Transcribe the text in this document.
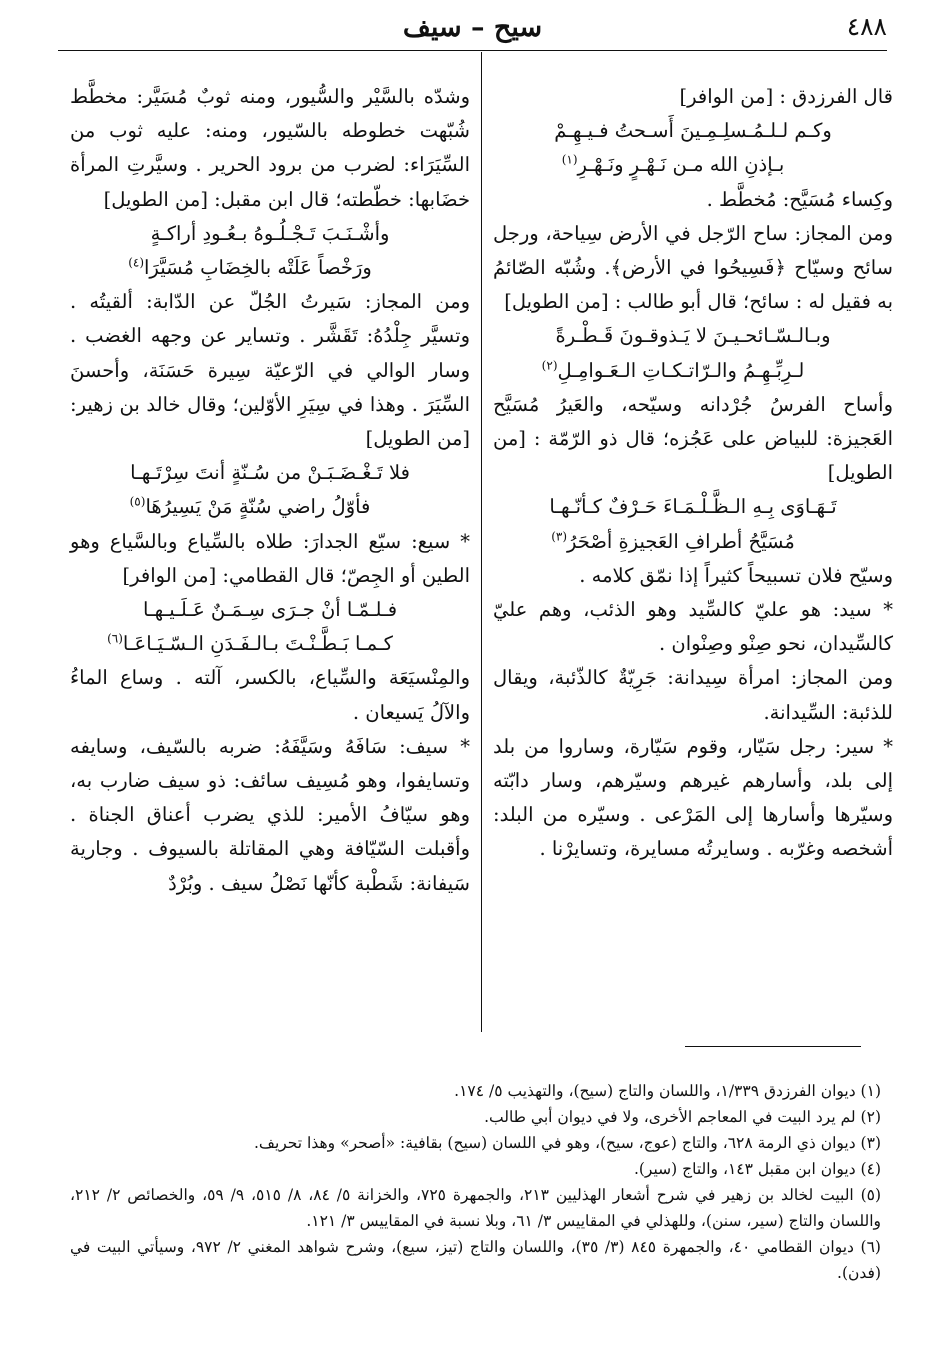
٤٨٨
سيح – سيف

قال الفرزدق : [من الوافر]

وكـم لـلـمُـسلِـمِـينَ أَسـحتُ فـيـهِـمْ

بـإذنِ الله مـن نَـهْـرٍ ونَـهْـرِ$^{(١)}$

وكِساء مُسَيَّح: مُخطَّط .

ومن المجاز: ساح الرّجل في الأرض سِياحة، ورجل سائح وسيّاح ﴿فَسِيحُوا في الأرض﴾. وشُبّه الصّائمُ به فقيل له : سائح؛ قال أبو طالب : [من الطويل]

وبـالـسّـائحـيـنَ لا يَـذوقـونَ قَـطْـرةً

لـرِبِّـهِـمُ والـرّاتـكـاتِ الـعَـوامِـلِ$^{(٢)}$

وأساح الفرسُ جُرْدانه وسيّحه، والعَيرُ مُسَيَّح العَجيزة: للبياض على عَجُزه؛ قال ذو الرّمّة : [من الطويل]

تَـهَـاوَى بِـهِ الـظَّـلْـمَـاءَ حَـرْفٌ كـأنّـهـا

مُسَيَّحُ أطرافِ العَجيزةِ أصْحَرُ$^{(٣)}$

وسيّح فلان تسبيحاً كثيراً إذا نمّق كلامه .

* سيد: هو عليّ كالسِّيد وهو الذئب، وهم عليّ كالسِّيدان، نحو صِنْو وصِنْوان .

ومن المجاز: امرأة سِيدانة: جَرِيّةٌ كالذّئبة، ويقال للذئبة: السِّيدانة.

* سير: رجل سَيّار، وقوم سَيّارة، وساروا من بلد إلى بلد، وأسارهم غيرهم وسيّرهم، وسار دابّته وسيّرها وأسارها إلى المَرْعى . وسيّره من البلد: أشخصه وغرّبه . وسايرتُه مسايرة، وتسايرْنا .

وشدّه بالسَّيْر والسُّيور، ومنه ثوبٌ مُسَيَّر: مخطَّط شُبّهت خطوطه بالسّيور، ومنه: عليه ثوب من السِّيَرَاء: لضرب من برود الحرير . وسيَّرتِ المرأة خضَابها: خطّطته؛ قال ابن مقبل: [من الطويل]

وأشْـنَـبَ تَـجْـلُـوهُ بـعُـودِ أراكـةٍ

ورَخْصاً عَلَتْه بالخِضَابِ مُسَيَّرَا$^{(٤)}$

ومن المجاز: سَيرتُ الجُلّ عن الدّابة: ألقيتُه . وتسيَّر جِلْدُهُ: تَقَشَّر . وتساير عن وجهه الغضب . وسار الوالي في الرّعيّة سِيرة حَسَنَة، وأحسنَ السِّيَرَ . وهذا في سِيَرِ الأوّلين؛ وقال خالد بن زهير: [من الطويل]

فلا تَـغْـضَـبَـنْ من سُـنّةٍ أنتَ سِرْتَـهـا

فأوّلُ راضي سُنّةٍ مَنْ يَسِيرُهَا$^{(٥)}$

* سيع: سيّع الجدارَ: طلاه بالسِّياع وبالسَّياع وهو الطين أو الجِصّ؛ قال القطامي: [من الوافر]

فـلـمّـا أنْ جـرَى سِـمَـنٌ عَـلَـيـهـا

كـمـا بَـطَّـنْـتَ بـالـفَـدَنِ الـسّـيَـاعَـا$^{(٦)}$

والمِنْسيَعَة والسِّياع، بالكسر، آلته . وساع الماءُ والآلُ يَسيعان .

* سيف: سَافَهُ وسَيَّفَهُ: ضربه بالسّيف، وسايفه وتسايفوا، وهو مُسِيف سائف: ذو سيف ضارب به، وهو سيّافُ الأمير: للذي يضرب أعناق الجناة . وأقبلت السّيّافة وهي المقاتلة بالسيوف . وجارية سَيفانة: شَطْبة كأنّها نَصْلُ سيف . وبُرْدٌ

(١) ديوان الفرزدق ١/٣٣٩، واللسان والتاج (سيح)، والتهذيب ٥/ ١٧٤.

(٢) لم يرد البيت في المعاجم الأخرى، ولا في ديوان أبي طالب.

(٣) ديوان ذي الرمة ٦٢٨، والتاج (عوج، سيح)، وهو في اللسان (سيح) بقافية: «أصحر» وهذا تحريف.

(٤) ديوان ابن مقبل ١٤٣، والتاج (سير).

(٥) البيت لخالد بن زهير في شرح أشعار الهذليين ٢١٣، والجمهرة ٧٢٥، والخزانة ٥/ ٨٤، ٨/ ٥١٥، ٩/ ٥٩، والخصائص ٢/ ٢١٢، واللسان والتاج (سير، سنن)، وللهذلي في المقاييس ٣/ ٦١، وبلا نسبة في المقاييس ٣/ ١٢١.

(٦) ديوان القطامي ٤٠، والجمهرة ٨٤٥ (٣/ ٣٥)، واللسان والتاج (تيز، سيع)، وشرح شواهد المغني ٢/ ٩٧٢، وسيأتي البيت في (فدن).
